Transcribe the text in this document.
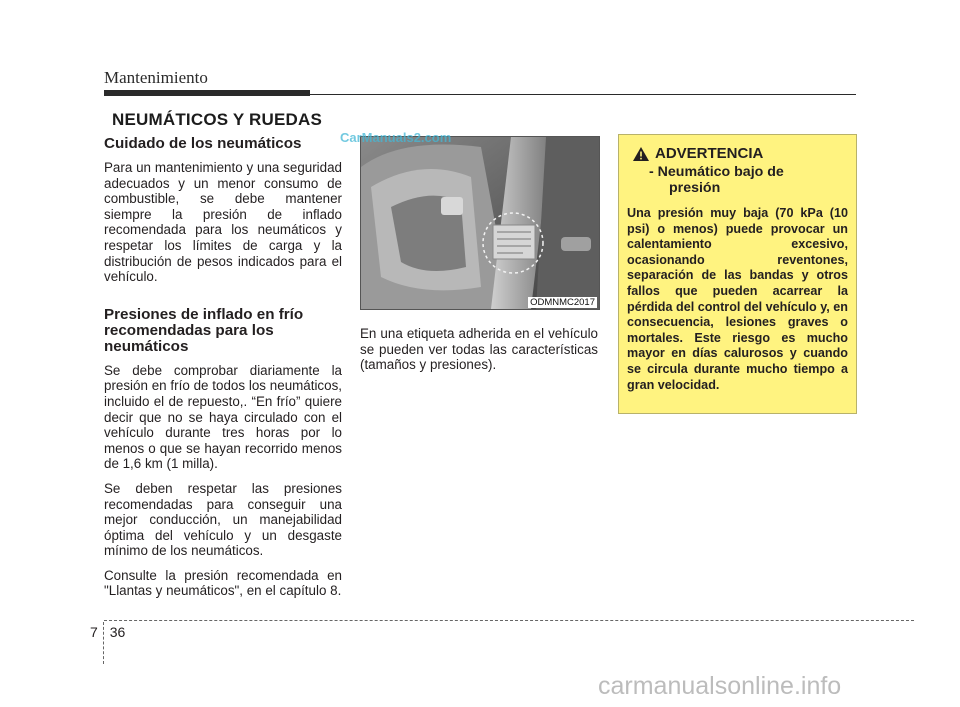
Mantenimiento
NEUMÁTICOS Y RUEDAS
Cuidado de los neumáticos

Para un mantenimiento y una seguridad adecuados y un menor consumo de combustible, se debe mantener siempre la presión de inflado recomendada para los neumáticos y respetar los límites de carga y la distribución de pesos indicados para el vehículo.

Presiones de inflado en frío recomendadas para los neumáticos

Se debe comprobar diariamente la presión en frío de todos los neumáticos, incluido el de repuesto,. “En frío” quiere decir que no se haya circulado con el vehículo durante tres horas por lo menos o que se hayan recorrido menos de 1,6 km (1 milla).

Se deben respetar las presiones recomendadas para conseguir una mejor conducción, un manejabilidad óptima del vehículo y un desgaste mínimo de los neumáticos.

Consulte la presión recomendada en "Llantas y neumáticos", en el capítulo 8.

ODMNMC2017
CarManuals2.com

En una etiqueta adherida en el vehículo se pueden ver todas las características (tamaños y presiones).

ADVERTENCIA
- Neumático bajo de
presión
Una presión muy baja (70 kPa (10 psi) o menos) puede provocar un calentamiento excesivo, ocasionando reventones, separación de las bandas y otros fallos que pueden acarrear la pérdida del control del vehículo y, en consecuencia, lesiones graves o mortales. Este riesgo es mucho mayor en días calurosos y cuando se circula durante mucho tiempo a gran velocidad.
7 36
carmanualsonline.info
